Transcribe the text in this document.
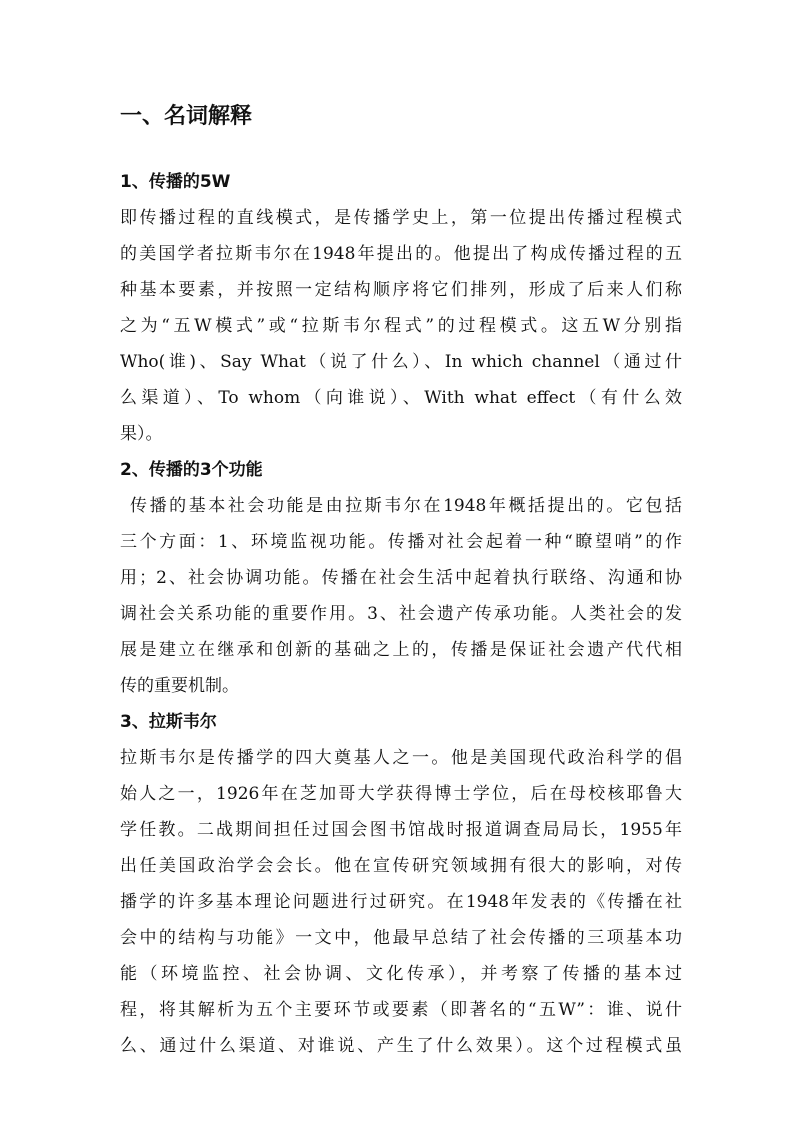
一、名词解释
1、传播的5W
即传播过程的直线模式，是传播学史上，第一位提出传播过程模式
的美国学者拉斯韦尔在1948年提出的。他提出了构成传播过程的五
种基本要素，并按照一定结构顺序将它们排列，形成了后来人们称
之为“五W模式”或“拉斯韦尔程式”的过程模式。这五W分别指
Who(谁)、Say What（说了什么）、In which channel（通过什
么渠道）、To whom（向谁说）、With what effect（有什么效
果）。
2、传播的3个功能
传播的基本社会功能是由拉斯韦尔在1948年概括提出的。它包括
三个方面：1、环境监视功能。传播对社会起着一种“瞭望哨”的作
用；2、社会协调功能。传播在社会生活中起着执行联络、沟通和协
调社会关系功能的重要作用。3、社会遗产传承功能。人类社会的发
展是建立在继承和创新的基础之上的，传播是保证社会遗产代代相
传的重要机制。
3、拉斯韦尔
拉斯韦尔是传播学的四大奠基人之一。他是美国现代政治科学的倡
始人之一，1926年在芝加哥大学获得博士学位，后在母校核耶鲁大
学任教。二战期间担任过国会图书馆战时报道调查局局长，1955年
出任美国政治学会会长。他在宣传研究领域拥有很大的影响，对传
播学的许多基本理论问题进行过研究。在1948年发表的《传播在社
会中的结构与功能》一文中，他最早总结了社会传播的三项基本功
能（环境监控、社会协调、文化传承），并考察了传播的基本过
程，将其解析为五个主要环节或要素（即著名的“五W”：谁、说什
么、通过什么渠道、对谁说、产生了什么效果）。这个过程模式虽
